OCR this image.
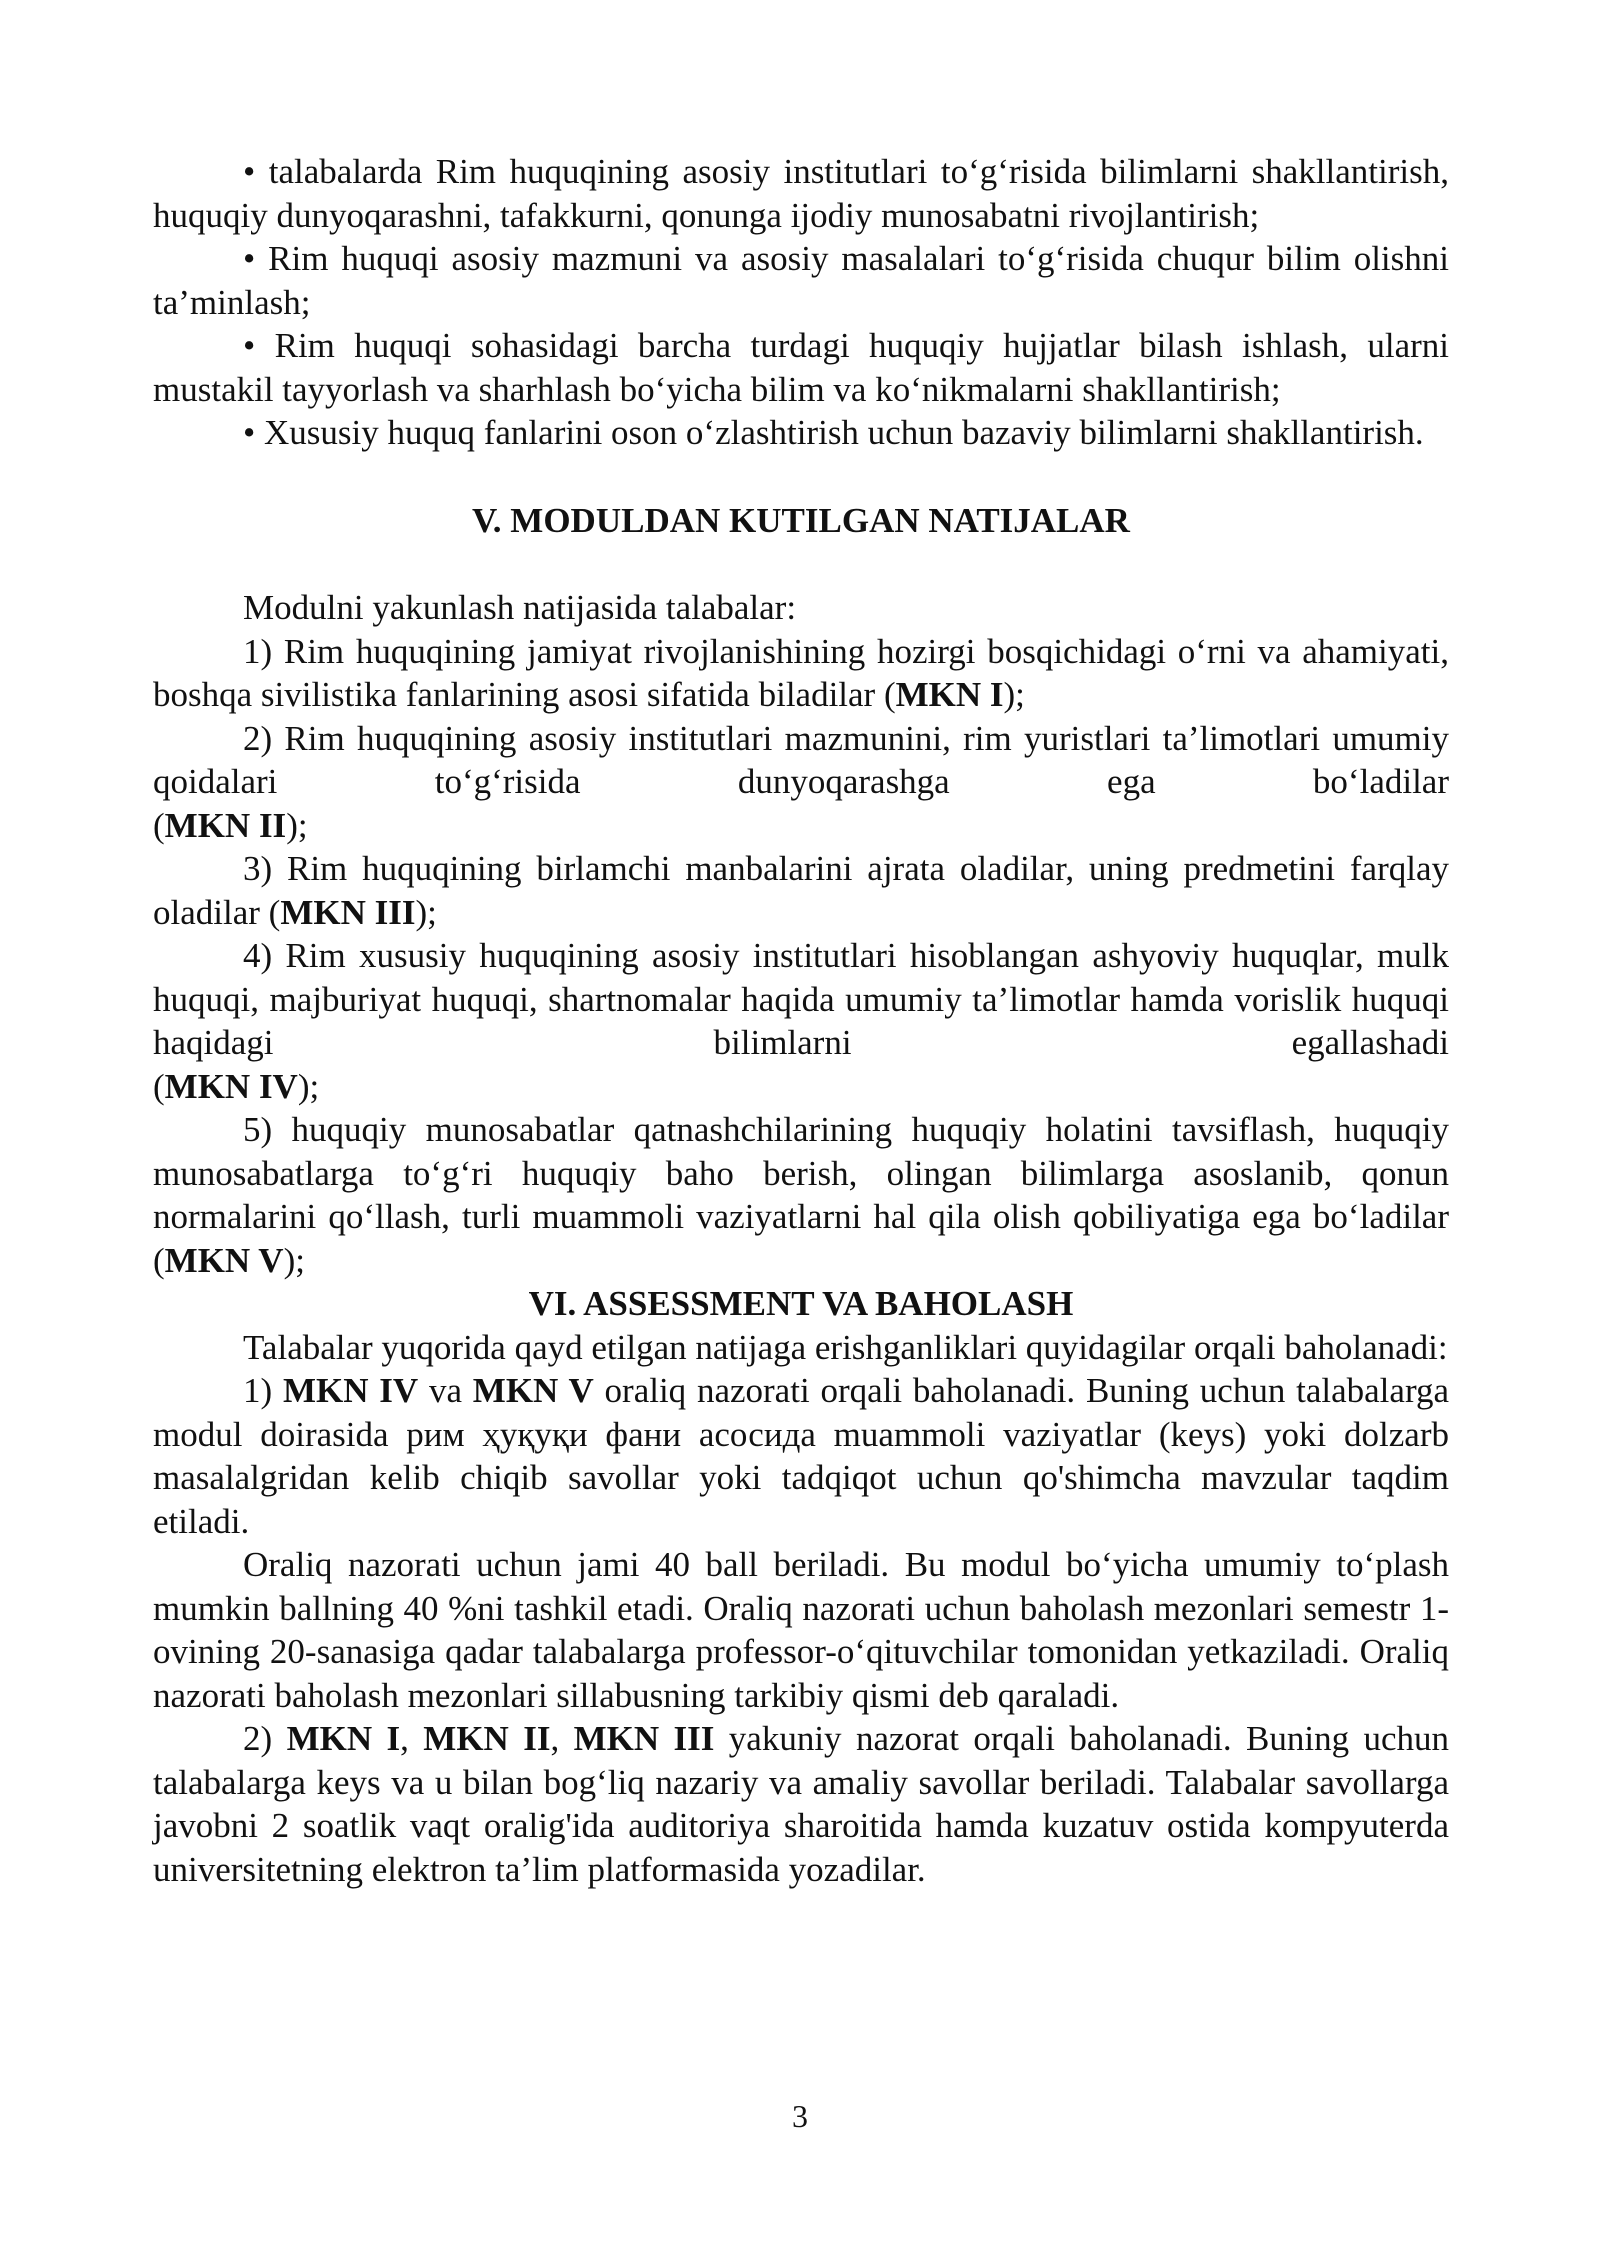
• talabalarda Rim huquqining asosiy institutlari to‘g‘risida bilimlarni shakllantirish, huquqiy dunyoqarashni, tafakkurni, qonunga ijodiy munosabatni rivojlantirish;

• Rim huquqi asosiy mazmuni va asosiy masalalari to‘g‘risida chuqur bilim olishni ta’minlash;

• Rim huquqi sohasidagi barcha turdagi huquqiy hujjatlar bilash ishlash, ularni mustakil tayyorlash va sharhlash bo‘yicha bilim va ko‘nikmalarni shakllantirish;

• Xususiy huquq fanlarini oson o‘zlashtirish uchun bazaviy bilimlarni shakllantirish.

V. MODULDAN KUTILGAN NATIJALAR

Modulni yakunlash natijasida talabalar:

1) Rim huquqining jamiyat rivojlanishining hozirgi bosqichidagi o‘rni va ahamiyati, boshqa sivilistika fanlarining asosi sifatida biladilar (MKN I);

2) Rim huquqining asosiy institutlari mazmunini, rim yuristlari ta’limotlari umumiy qoidalari to‘g‘risida dunyoqarashga ega bo‘ladilar

(MKN II);

3) Rim huquqining birlamchi manbalarini ajrata oladilar, uning predmetini farqlay oladilar (MKN III);

4) Rim xususiy huquqining asosiy institutlari hisoblangan ashyoviy huquqlar, mulk huquqi, majburiyat huquqi, shartnomalar haqida umumiy ta’limotlar hamda vorislik huquqi haqidagi bilimlarni egallashadi

(MKN IV);

5) huquqiy munosabatlar qatnashchilarining huquqiy holatini tavsiflash, huquqiy munosabatlarga to‘g‘ri huquqiy baho berish, olingan bilimlarga asoslanib, qonun normalarini qo‘llash, turli muammoli vaziyatlarni hal qila olish qobiliyatiga ega bo‘ladilar (MKN V);

VI. ASSESSMENT VA BAHOLASH

Talabalar yuqorida qayd etilgan natijaga erishganliklari quyidagilar orqali baholanadi:

1) MKN IV va MKN V oraliq nazorati orqali baholanadi. Buning uchun talabalarga modul doirasida рим ҳуқуқи фани асосида muammoli vaziyatlar (keys) yoki dolzarb masalalgridan kelib chiqib savollar yoki tadqiqot uchun qo'shimcha mavzular taqdim etiladi.

Oraliq nazorati uchun jami 40 ball beriladi. Bu modul bo‘yicha umumiy to‘plash mumkin ballning 40 %ni tashkil etadi. Oraliq nazorati uchun baholash mezonlari semestr 1-ovining 20-sanasiga qadar talabalarga professor-o‘qituvchilar tomonidan yetkaziladi. Oraliq nazorati baholash mezonlari sillabusning tarkibiy qismi deb qaraladi.

2) MKN I, MKN II, MKN III yakuniy nazorat orqali baholanadi. Buning uchun talabalarga keys va u bilan bog‘liq nazariy va amaliy savollar beriladi. Talabalar savollarga javobni 2 soatlik vaqt oralig'ida auditoriya sharoitida hamda kuzatuv ostida kompyuterda universitetning elektron ta’lim platformasida yozadilar.

3
